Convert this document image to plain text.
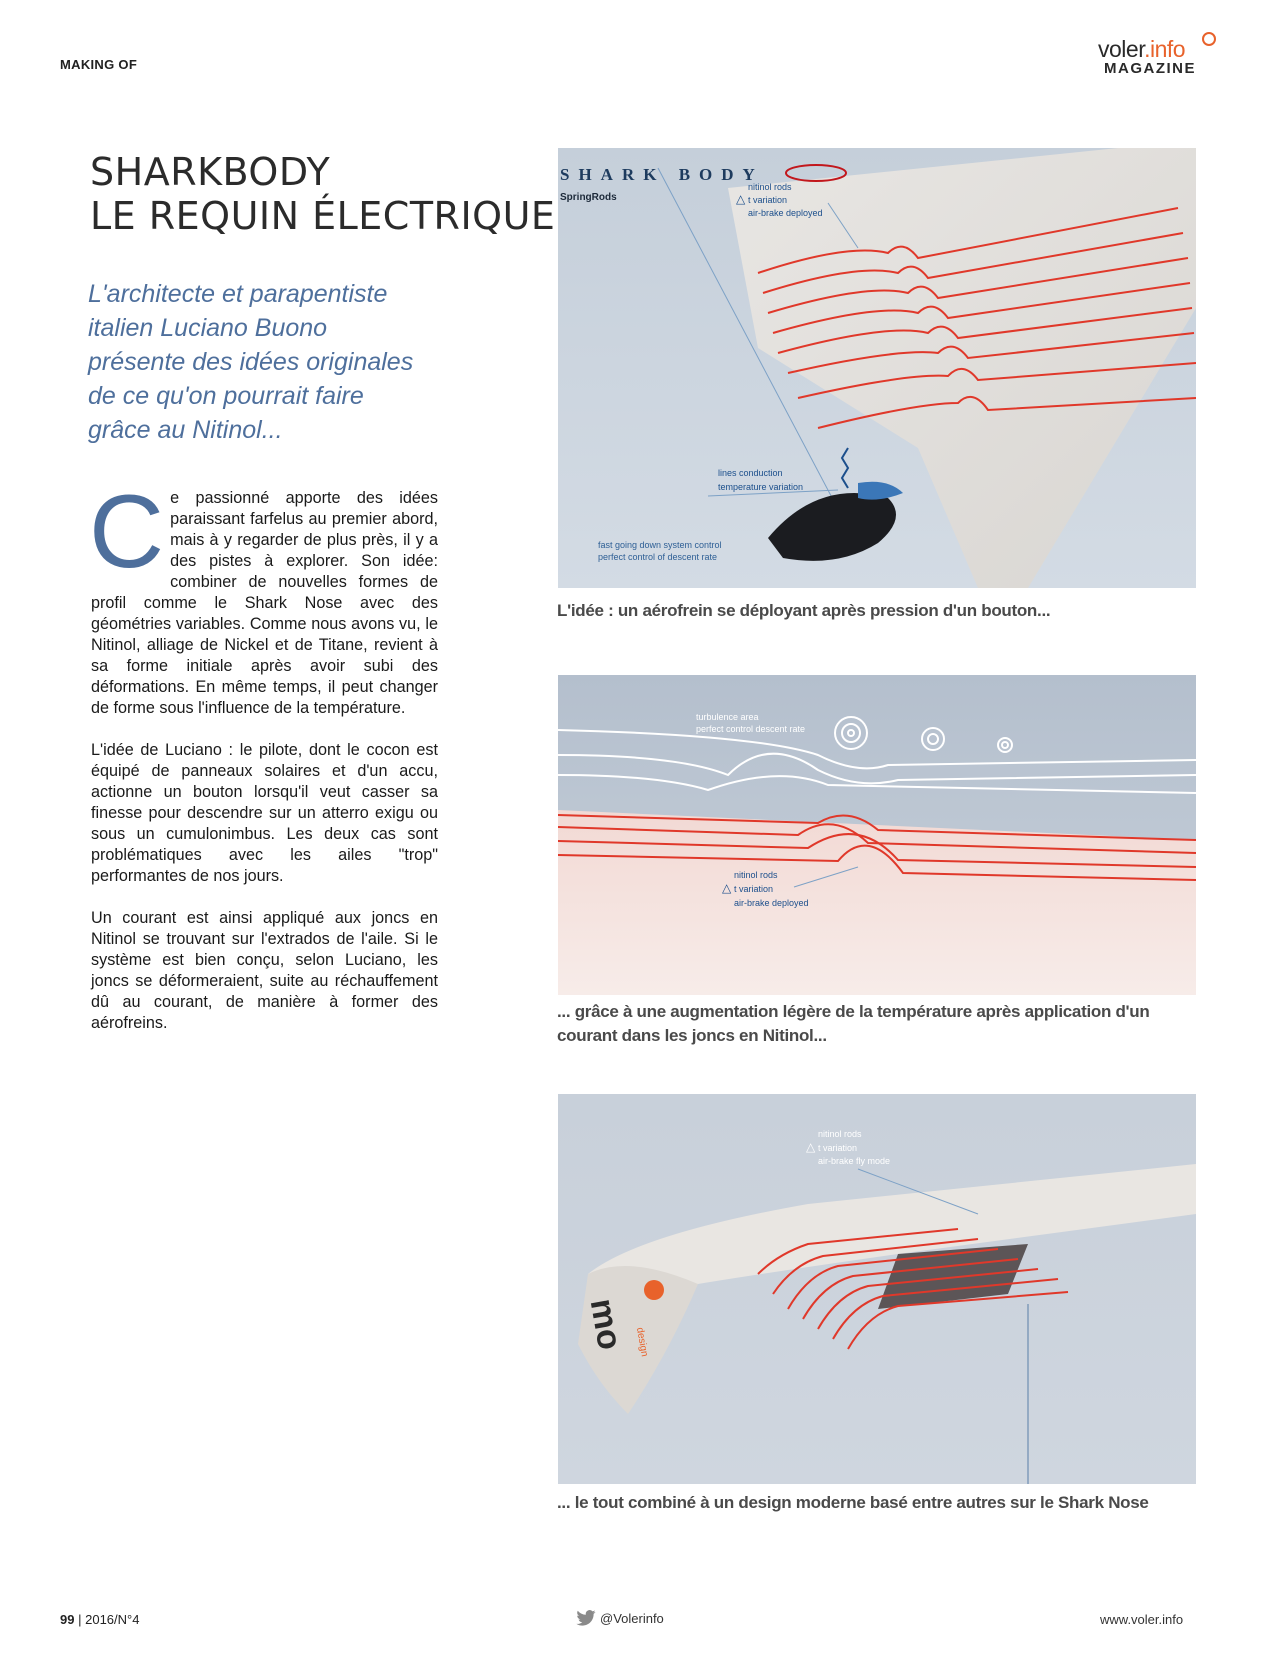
MAKING OF
voler.info
MAGAZINE
SHARKBODY
LE REQUIN ÉLECTRIQUE
L'architecte et parapentiste
italien Luciano Buono
présente des idées originales
de ce qu'on pourrait faire
grâce au Nitinol...

Ce passionné apporte des idées paraissant farfelus au premier abord, mais à y regarder de plus près, il y a des pistes à explorer. Son idée: combiner de nouvelles formes de profil comme le Shark Nose avec des géométries variables. Comme nous avons vu, le Nitinol, alliage de Nickel et de Titane, revient à sa forme initiale après avoir subi des déformations. En même temps, il peut changer de forme sous l'influence de la température.

L'idée de Luciano : le pilote, dont le cocon est équipé de panneaux solaires et d'un accu, actionne un bouton lorsqu'il veut casser sa finesse pour descendre sur un atterro exigu ou sous un cumulonimbus. Les deux cas sont problématiques avec les ailes "trop" performantes de nos jours.

Un courant est ainsi appliqué aux joncs en Nitinol se trouvant sur l'extrados de l'aile. Si le système est bien conçu, selon Luciano, les joncs se déformeraient, suite au réchauffement dû au courant, de manière à former des aérofreins.

SHARK BODY
SpringRods
nitinol rods
△ t variation
air-brake deployed
lines conduction
temperature variation
fast going down system control
perfect control of descent rate
L'idée : un aérofrein se déployant après pression d'un bouton...
turbulence area
perfect control descent rate
nitinol rods
△ t variation
air-brake deployed
... grâce à une augmentation légère de la température après application d'un courant dans les joncs en Nitinol...
mo design
nitinol rods
△ t variation
air-brake fly mode
... le tout combiné à un design moderne basé entre autres sur le Shark Nose
99 | 2016/N°4	@Volerinfo	www.voler.info
